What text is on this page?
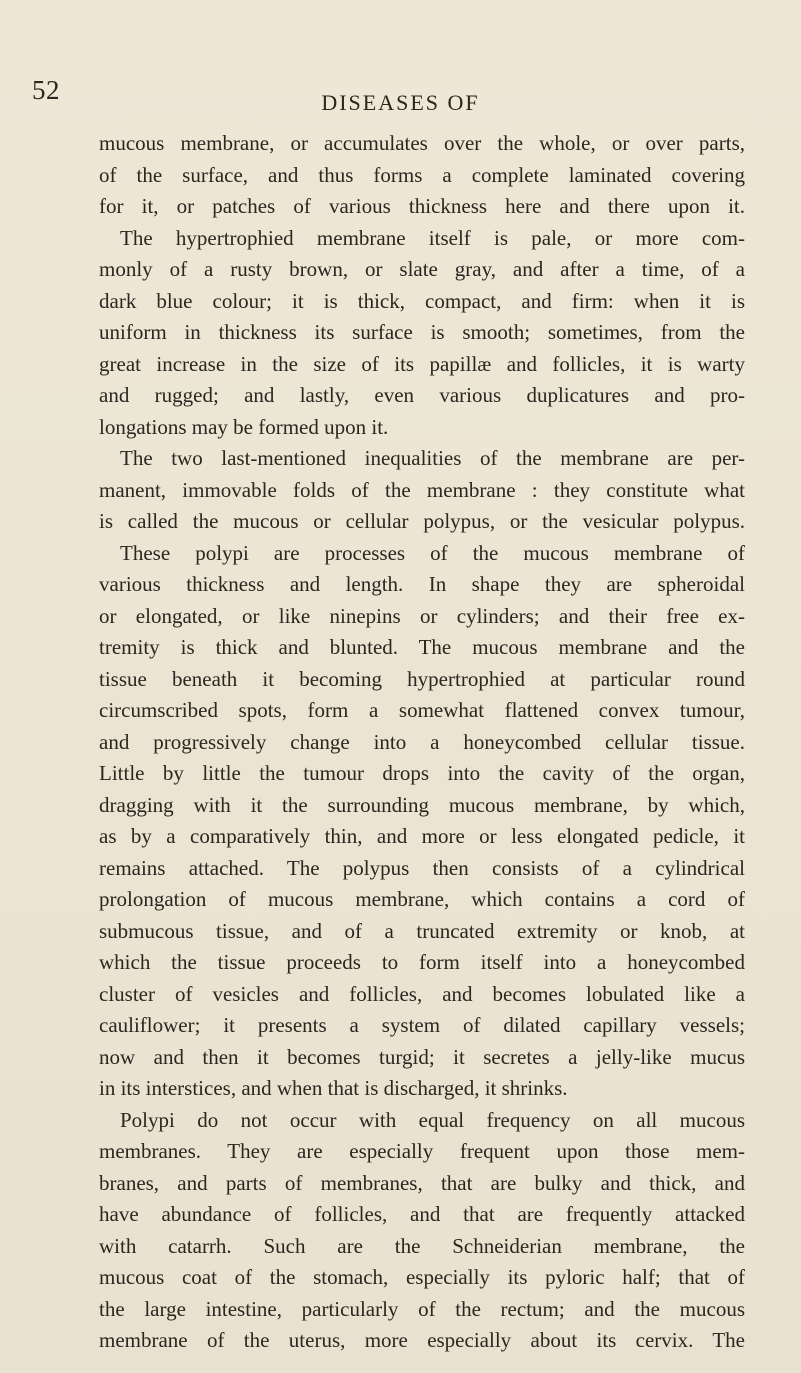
52	DISEASES OF
mucous membrane, or accumulates over the whole, or over parts,
of the surface, and thus forms a complete laminated covering
for it, or patches of various thickness here and there upon it.
The hypertrophied membrane itself is pale, or more com-
monly of a rusty brown, or slate gray, and after a time, of a
dark blue colour; it is thick, compact, and firm: when it is
uniform in thickness its surface is smooth; sometimes, from the
great increase in the size of its papillæ and follicles, it is warty
and rugged; and lastly, even various duplicatures and pro-
longations may be formed upon it.
The two last-mentioned inequalities of the membrane are per-
manent, immovable folds of the membrane : they constitute what
is called the mucous or cellular polypus, or the vesicular polypus.
These polypi are processes of the mucous membrane of
various thickness and length. In shape they are spheroidal
or elongated, or like ninepins or cylinders; and their free ex-
tremity is thick and blunted. The mucous membrane and the
tissue beneath it becoming hypertrophied at particular round
circumscribed spots, form a somewhat flattened convex tumour,
and progressively change into a honeycombed cellular tissue.
Little by little the tumour drops into the cavity of the organ,
dragging with it the surrounding mucous membrane, by which,
as by a comparatively thin, and more or less elongated pedicle, it
remains attached. The polypus then consists of a cylindrical
prolongation of mucous membrane, which contains a cord of
submucous tissue, and of a truncated extremity or knob, at
which the tissue proceeds to form itself into a honeycombed
cluster of vesicles and follicles, and becomes lobulated like a
cauliflower; it presents a system of dilated capillary vessels;
now and then it becomes turgid; it secretes a jelly-like mucus
in its interstices, and when that is discharged, it shrinks.
Polypi do not occur with equal frequency on all mucous
membranes. They are especially frequent upon those mem-
branes, and parts of membranes, that are bulky and thick, and
have abundance of follicles, and that are frequently attacked
with catarrh. Such are the Schneiderian membrane, the
mucous coat of the stomach, especially its pyloric half; that of
the large intestine, particularly of the rectum; and the mucous
membrane of the uterus, more especially about its cervix. The
